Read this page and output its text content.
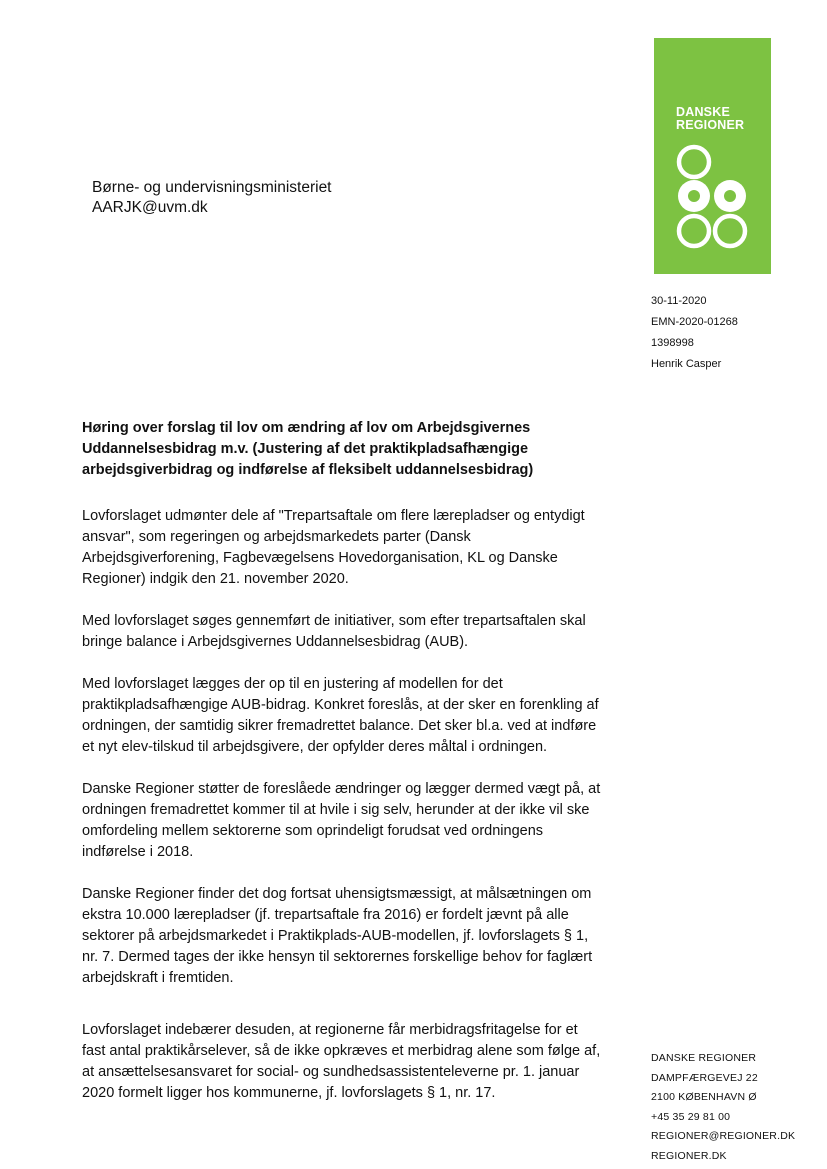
DANSKE
REGIONER
Børne- og undervisningsministeriet
AARJK@uvm.dk
30-11-2020
EMN-2020-01268
1398998
Henrik Casper
Høring over forslag til lov om ændring af lov om Arbejdsgivernes
Uddannelsesbidrag m.v. (Justering af det praktikpladsafhængige
arbejdsgiverbidrag og indførelse af fleksibelt uddannelsesbidrag)

Lovforslaget udmønter dele af "Trepartsaftale om flere lærepladser og entydigt
ansvar", som regeringen og arbejdsmarkedets parter (Dansk
Arbejdsgiverforening, Fagbevægelsens Hovedorganisation, KL og Danske
Regioner) indgik den 21. november 2020.

Med lovforslaget søges gennemført de initiativer, som efter trepartsaftalen skal
bringe balance i Arbejdsgivernes Uddannelsesbidrag (AUB).

Med lovforslaget lægges der op til en justering af modellen for det
praktikpladsafhængige AUB-bidrag. Konkret foreslås, at der sker en forenkling af
ordningen, der samtidig sikrer fremadrettet balance. Det sker bl.a. ved at indføre
et nyt elev-tilskud til arbejdsgivere, der opfylder deres måltal i ordningen.

Danske Regioner støtter de foreslåede ændringer og lægger dermed vægt på, at
ordningen fremadrettet kommer til at hvile i sig selv, herunder at der ikke vil ske
omfordeling mellem sektorerne som oprindeligt forudsat ved ordningens
indførelse i 2018.

Danske Regioner finder det dog fortsat uhensigtsmæssigt, at målsætningen om
ekstra 10.000 lærepladser (jf. trepartsaftale fra 2016) er fordelt jævnt på alle
sektorer på arbejdsmarkedet i Praktikplads-AUB-modellen, jf. lovforslagets § 1,
nr. 7. Dermed tages der ikke hensyn til sektorernes forskellige behov for faglært
arbejdskraft i fremtiden.

Lovforslaget indebærer desuden, at regionerne får merbidragsfritagelse for et
fast antal praktikårselever, så de ikke opkræves et merbidrag alene som følge af,
at ansættelsesansvaret for social- og sundhedsassistenteleverne pr. 1. januar
2020 formelt ligger hos kommunerne, jf. lovforslagets § 1, nr. 17.

DANSKE REGIONER
DAMPFÆRGEVEJ 22
2100 KØBENHAVN Ø
+45 35 29 81 00
REGIONER@REGIONER.DK
REGIONER.DK
